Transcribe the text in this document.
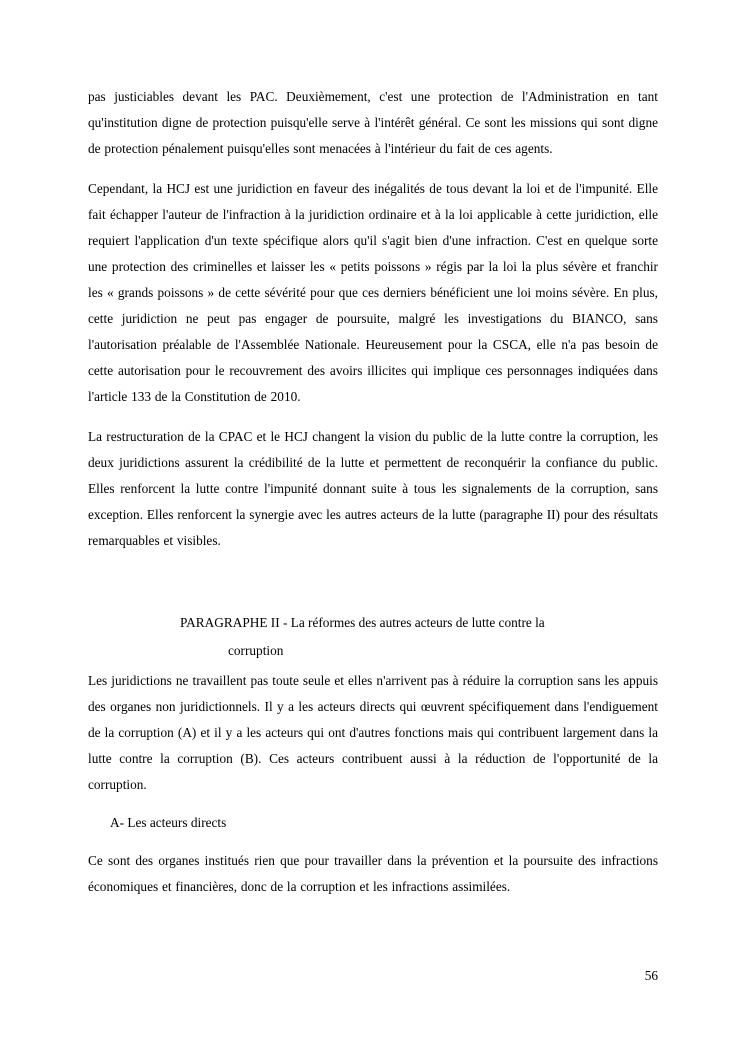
pas justiciables devant les PAC. Deuxièmement, c'est une protection de l'Administration en tant qu'institution digne de protection puisqu'elle serve à l'intérêt général. Ce sont les missions qui sont digne de protection pénalement puisqu'elles sont menacées à l'intérieur du fait de ces agents.

Cependant, la HCJ est une juridiction en faveur des inégalités de tous devant la loi et de l'impunité. Elle fait échapper l'auteur de l'infraction à la juridiction ordinaire et à la loi applicable à cette juridiction, elle requiert l'application d'un texte spécifique alors qu'il s'agit bien d'une infraction. C'est en quelque sorte une protection des criminelles et laisser les « petits poissons » régis par la loi la plus sévère et franchir les « grands poissons » de cette sévérité pour que ces derniers bénéficient une loi moins sévère. En plus, cette juridiction ne peut pas engager de poursuite, malgré les investigations du BIANCO, sans l'autorisation préalable de l'Assemblée Nationale. Heureusement pour la CSCA, elle n'a pas besoin de cette autorisation pour le recouvrement des avoirs illicites qui implique ces personnages indiquées dans l'article 133 de la Constitution de 2010.

La restructuration de la CPAC et le HCJ changent la vision du public de la lutte contre la corruption, les deux juridictions assurent la crédibilité de la lutte et permettent de reconquérir la confiance du public. Elles renforcent la lutte contre l'impunité donnant suite à tous les signalements de la corruption, sans exception. Elles renforcent la synergie avec les autres acteurs de la lutte (paragraphe II) pour des résultats remarquables et visibles.

PARAGRAPHE II - La réformes des autres acteurs de lutte contre la
corruption

Les juridictions ne travaillent pas toute seule et elles n'arrivent pas à réduire la corruption sans les appuis des organes non juridictionnels. Il y a les acteurs directs qui œuvrent spécifiquement dans l'endiguement de la corruption (A) et il y a les acteurs qui ont d'autres fonctions mais qui contribuent largement dans la lutte contre la corruption (B). Ces acteurs contribuent aussi à la réduction de l'opportunité de la corruption.

A- Les acteurs directs

Ce sont des organes institués rien que pour travailler dans la prévention et la poursuite des infractions économiques et financières, donc de la corruption et les infractions assimilées.

56
